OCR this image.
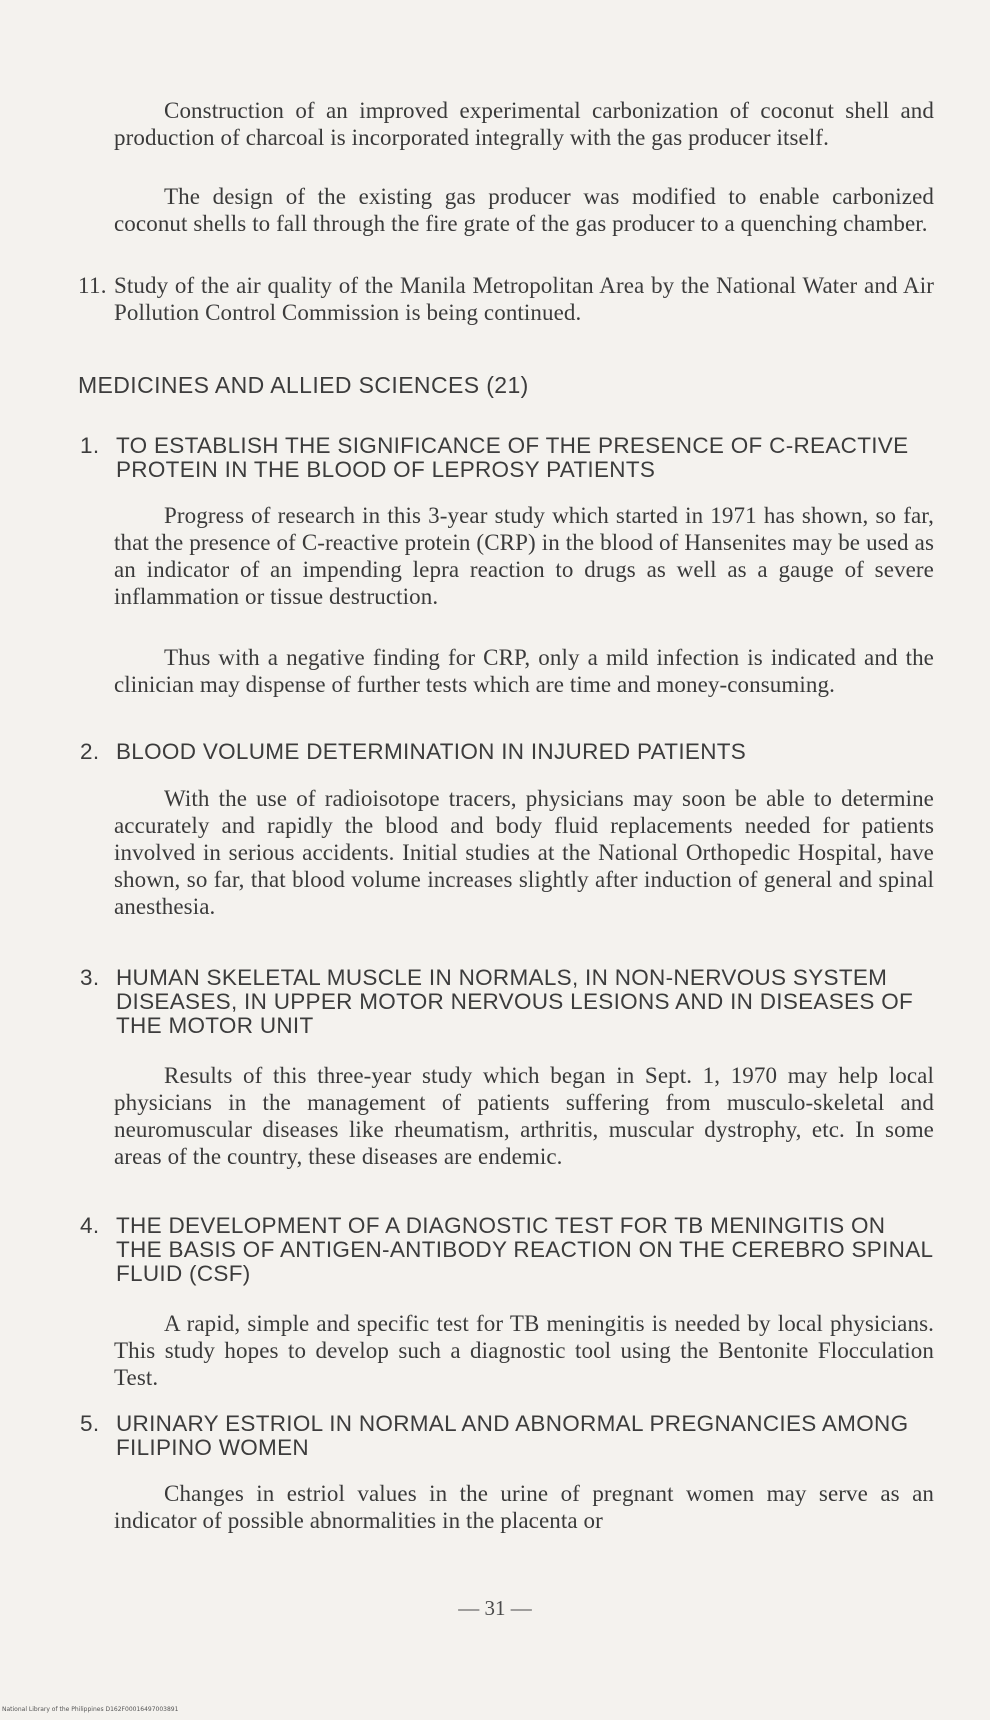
Construction of an improved experimental carbonization of coconut shell and production of charcoal is incorporated integrally with the gas producer itself.
The design of the existing gas producer was modified to enable carbonized coconut shells to fall through the fire grate of the gas producer to a quenching chamber.
11. Study of the air quality of the Manila Metropolitan Area by the National Water and Air Pollution Control Commission is being continued.
MEDICINES AND ALLIED SCIENCES (21)
1. TO ESTABLISH THE SIGNIFICANCE OF THE PRESENCE OF C-REACTIVE PROTEIN IN THE BLOOD OF LEPROSY PATIENTS
Progress of research in this 3-year study which started in 1971 has shown, so far, that the presence of C-reactive protein (CRP) in the blood of Hansenites may be used as an indicator of an impending lepra reaction to drugs as well as a gauge of severe inflammation or tissue destruction.
Thus with a negative finding for CRP, only a mild infection is indicated and the clinician may dispense of further tests which are time and money-consuming.
2. BLOOD VOLUME DETERMINATION IN INJURED PATIENTS
With the use of radioisotope tracers, physicians may soon be able to determine accurately and rapidly the blood and body fluid replacements needed for patients involved in serious accidents. Initial studies at the National Orthopedic Hospital, have shown, so far, that blood volume increases slightly after induction of general and spinal anesthesia.
3. HUMAN SKELETAL MUSCLE IN NORMALS, IN NON-NERVOUS SYSTEM DISEASES, IN UPPER MOTOR NERVOUS LESIONS AND IN DISEASES OF THE MOTOR UNIT
Results of this three-year study which began in Sept. 1, 1970 may help local physicians in the management of patients suffering from musculo-skeletal and neuromuscular diseases like rheumatism, arthritis, muscular dystrophy, etc. In some areas of the country, these diseases are endemic.
4. THE DEVELOPMENT OF A DIAGNOSTIC TEST FOR TB MENINGITIS ON THE BASIS OF ANTIGEN-ANTIBODY REACTION ON THE CEREBRO SPINAL FLUID (CSF)
A rapid, simple and specific test for TB meningitis is needed by local physicians. This study hopes to develop such a diagnostic tool using the Bentonite Flocculation Test.
5. URINARY ESTRIOL IN NORMAL AND ABNORMAL PREGNANCIES AMONG FILIPINO WOMEN
Changes in estriol values in the urine of pregnant women may serve as an indicator of possible abnormalities in the placenta or
— 31 —
National Library of the Philippines D162F00016497003891
